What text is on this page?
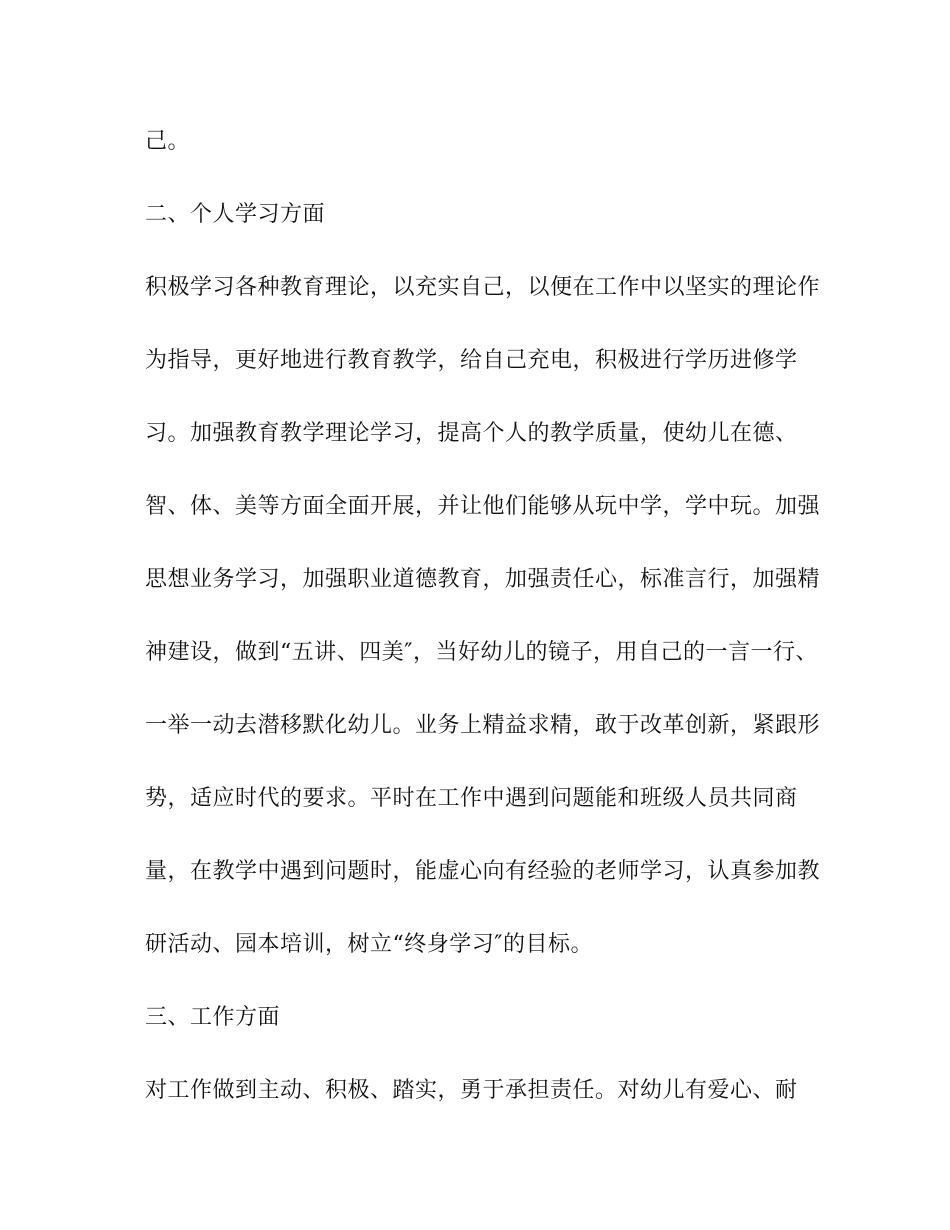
己。
二、个人学习方面
积极学习各种教育理论，以充实自己，以便在工作中以坚实的理论作
为指导，更好地进行教育教学，给自己充电，积极进行学历进修学
习。加强教育教学理论学习，提高个人的教学质量，使幼儿在德、
智、体、美等方面全面开展，并让他们能够从玩中学，学中玩。加强
思想业务学习，加强职业道德教育，加强责任心，标准言行，加强精
神建设，做到“五讲、四美″，当好幼儿的镜子，用自己的一言一行、
一举一动去潜移默化幼儿。业务上精益求精，敢于改革创新，紧跟形
势，适应时代的要求。平时在工作中遇到问题能和班级人员共同商
量，在教学中遇到问题时，能虚心向有经验的老师学习，认真参加教
研活动、园本培训，树立“终身学习″的目标。
三、工作方面
对工作做到主动、积极、踏实，勇于承担责任。对幼儿有爱心、耐
